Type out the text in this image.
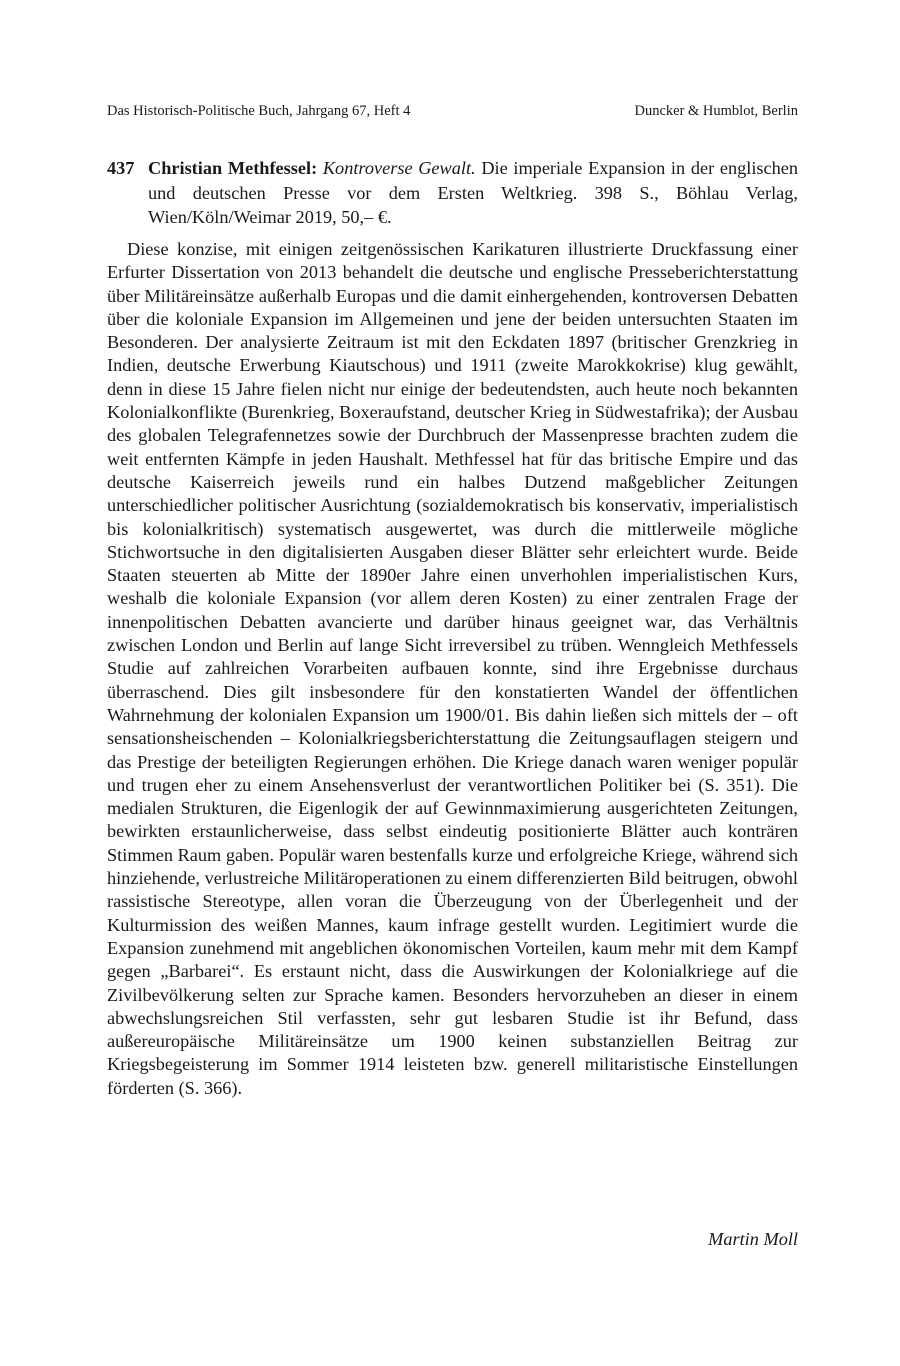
Das Historisch-Politische Buch, Jahrgang 67, Heft 4	Duncker & Humblot, Berlin
437 Christian Methfessel: Kontroverse Gewalt. Die imperiale Expansion in der englischen und deutschen Presse vor dem Ersten Weltkrieg. 398 S., Böhlau Verlag, Wien/Köln/Weimar 2019, 50,– €.

Diese konzise, mit einigen zeitgenössischen Karikaturen illustrierte Druckfassung einer Erfurter Dissertation von 2013 behandelt die deutsche und englische Presseberichterstattung über Militäreinsätze außerhalb Europas und die damit einhergehenden, kontroversen Debatten über die koloniale Expansion im Allgemeinen und jene der beiden untersuchten Staaten im Besonderen. Der analysierte Zeitraum ist mit den Eckdaten 1897 (britischer Grenzkrieg in Indien, deutsche Erwerbung Kiautschous) und 1911 (zweite Marokkokrise) klug gewählt, denn in diese 15 Jahre fielen nicht nur einige der bedeutendsten, auch heute noch bekannten Kolonialkonflikte (Burenkrieg, Boxeraufstand, deutscher Krieg in Südwestafrika); der Ausbau des globalen Telegrafennetzes sowie der Durchbruch der Massenpresse brachten zudem die weit entfernten Kämpfe in jeden Haushalt. Methfessel hat für das britische Empire und das deutsche Kaiserreich jeweils rund ein halbes Dutzend maßgeblicher Zeitungen unterschiedlicher politischer Ausrichtung (sozialdemokratisch bis konservativ, imperialistisch bis kolonialkritisch) systematisch ausgewertet, was durch die mittlerweile mögliche Stichwortsuche in den digitalisierten Ausgaben dieser Blätter sehr erleichtert wurde. Beide Staaten steuerten ab Mitte der 1890er Jahre einen unverhohlen imperialistischen Kurs, weshalb die koloniale Expansion (vor allem deren Kosten) zu einer zentralen Frage der innenpolitischen Debatten avancierte und darüber hinaus geeignet war, das Verhältnis zwischen London und Berlin auf lange Sicht irreversibel zu trüben. Wenngleich Methfessels Studie auf zahlreichen Vorarbeiten aufbauen konnte, sind ihre Ergebnisse durchaus überraschend. Dies gilt insbesondere für den konstatierten Wandel der öffentlichen Wahrnehmung der kolonialen Expansion um 1900/01. Bis dahin ließen sich mittels der – oft sensationsheischenden – Kolonialkriegsberichterstattung die Zeitungsauflagen steigern und das Prestige der beteiligten Regierungen erhöhen. Die Kriege danach waren weniger populär und trugen eher zu einem Ansehensverlust der verantwortlichen Politiker bei (S. 351). Die medialen Strukturen, die Eigenlogik der auf Gewinnmaximierung ausgerichteten Zeitungen, bewirkten erstaunlicherweise, dass selbst eindeutig positionierte Blätter auch konträren Stimmen Raum gaben. Populär waren bestenfalls kurze und erfolgreiche Kriege, während sich hinziehende, verlustreiche Militäroperationen zu einem differenzierten Bild beitrugen, obwohl rassistische Stereotype, allen voran die Überzeugung von der Überlegenheit und der Kulturmission des weißen Mannes, kaum infrage gestellt wurden. Legitimiert wurde die Expansion zunehmend mit angeblichen ökonomischen Vorteilen, kaum mehr mit dem Kampf gegen „Barbarei“. Es erstaunt nicht, dass die Auswirkungen der Kolonialkriege auf die Zivilbevölkerung selten zur Sprache kamen. Besonders hervorzuheben an dieser in einem abwechslungsreichen Stil verfassten, sehr gut lesbaren Studie ist ihr Befund, dass außereuropäische Militäreinsätze um 1900 keinen substanziellen Beitrag zur Kriegsbegeisterung im Sommer 1914 leisteten bzw. generell militaristische Einstellungen förderten (S. 366).

Martin Moll
